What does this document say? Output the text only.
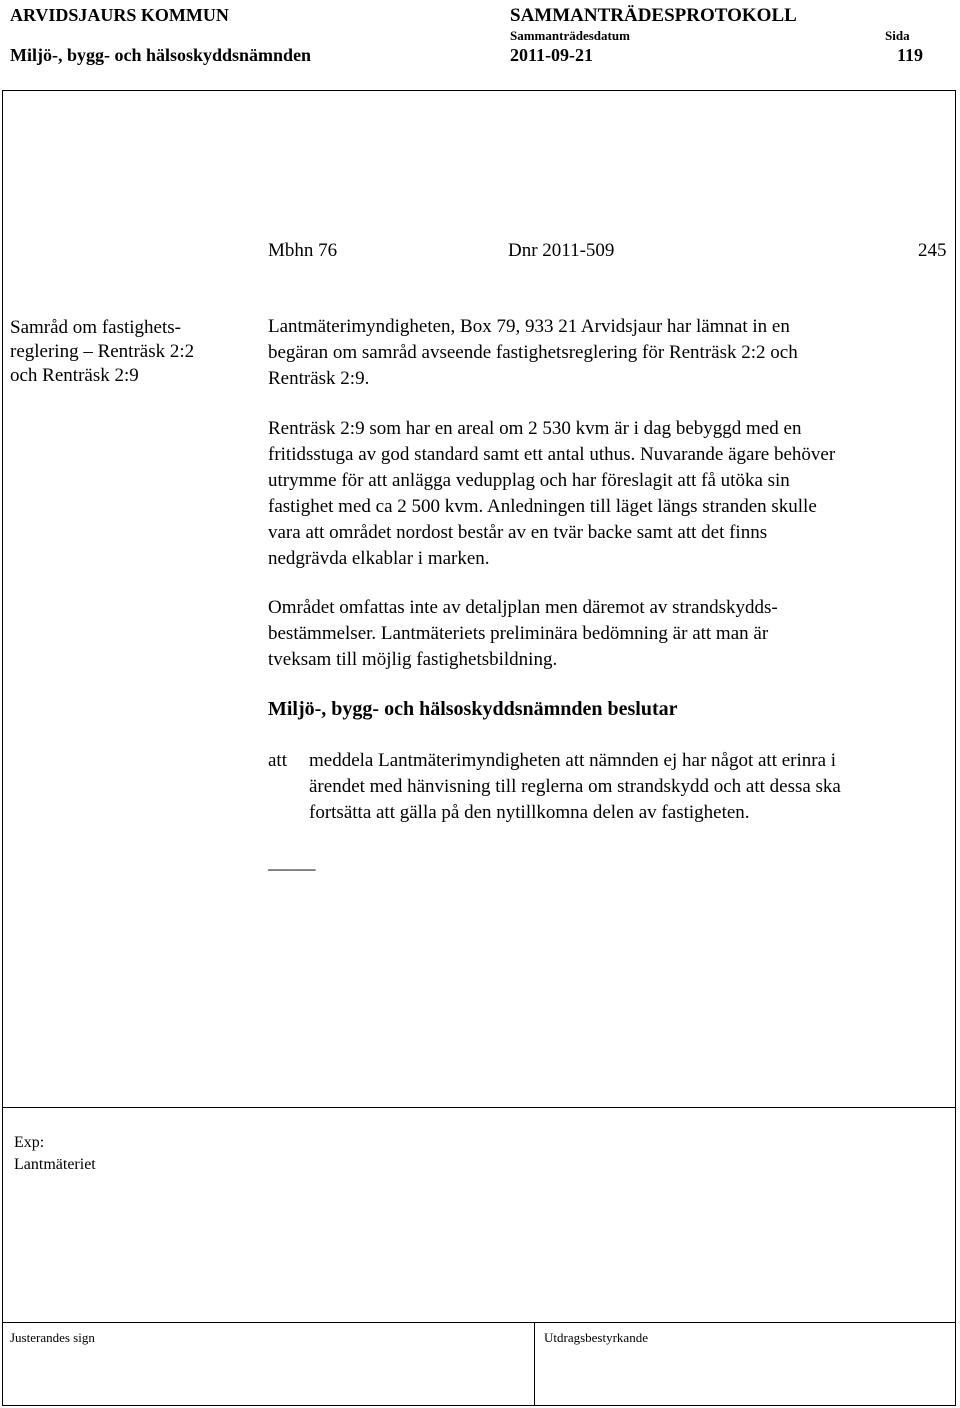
ARVIDSJAURS KOMMUN	SAMMANTRÄDESPROTOKOLL
Sammanträdesdatum	Sida
Miljö-, bygg- och hälsoskyddsnämnden	2011-09-21	119
Mbhn 76	Dnr 2011-509	245
Samråd om fastighets-
reglering – Renträsk 2:2
och Renträsk 2:9
Lantmäterimyndigheten, Box 79, 933 21 Arvidsjaur har lämnat in en
begäran om samråd avseende fastighetsreglering för Renträsk 2:2 och
Renträsk 2:9.
Renträsk 2:9 som har en areal om 2 530 kvm är i dag bebyggd med en
fritidsstuga av god standard samt ett antal uthus. Nuvarande ägare behöver
utrymme för att anlägga vedupplag och har föreslagit att få utöka sin
fastighet med ca 2 500 kvm. Anledningen till läget längs stranden skulle
vara att området nordost består av en tvär backe samt att det finns
nedgrävda elkablar i marken.
Området omfattas inte av detaljplan men däremot av strandskydds-
bestämmelser. Lantmäteriets preliminära bedömning är att man är
tveksam till möjlig fastighetsbildning.
Miljö-, bygg- och hälsoskyddsnämnden beslutar
att meddela Lantmäterimyndigheten att nämnden ej har något att erinra i
ärendet med hänvisning till reglerna om strandskydd och att dessa ska
fortsätta att gälla på den nytillkomna delen av fastigheten.
_____
Exp:
Lantmäteriet
Justerandes sign	Utdragsbestyrkande
